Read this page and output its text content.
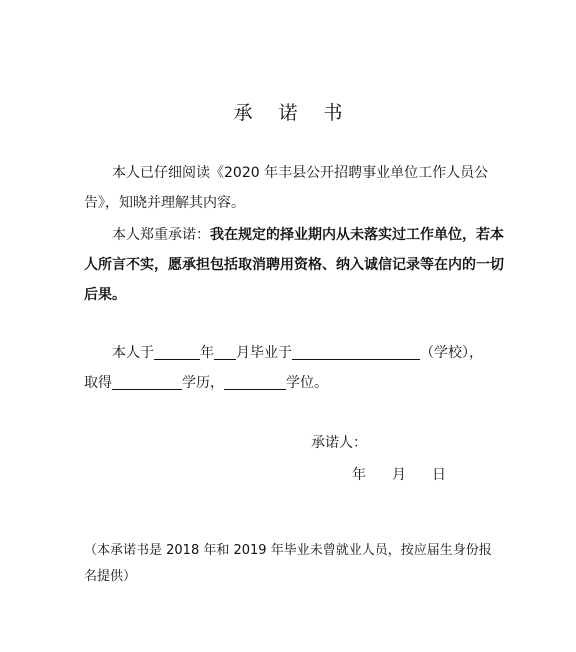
承 诺 书
本人已仔细阅读《2020 年丰县公开招聘事业单位工作人员公告》，知晓并理解其内容。
本人郑重承诺：我在规定的择业期内从未落实过工作单位，若本人所言不实，愿承担包括取消聘用资格、纳入诚信记录等在内的一切后果。
本人于	年 月毕业于	（学校），
取得	学历，	学位。
承诺人：
年 月 日
（本承诺书是 2018 年和 2019 年毕业未曾就业人员，按应届生身份报名提供）
